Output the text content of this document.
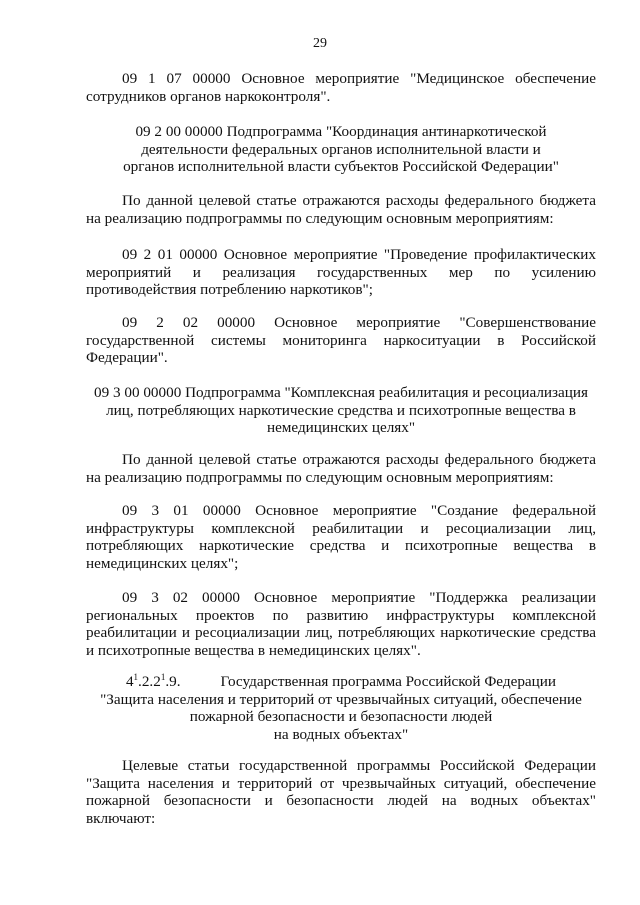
29
09 1 07 00000 Основное мероприятие "Медицинское обеспечение сотрудников органов наркоконтроля".
09 2 00 00000 Подпрограмма "Координация антинаркотической
деятельности федеральных органов исполнительной власти и
органов исполнительной власти субъектов Российской Федерации"
По данной целевой статье отражаются расходы федерального бюджета на реализацию подпрограммы по следующим основным мероприятиям:
09 2 01 00000 Основное мероприятие "Проведение профилактических мероприятий и реализация государственных мер по усилению противодействия потреблению наркотиков";
09 2 02 00000 Основное мероприятие "Совершенствование государственной системы мониторинга наркоситуации в Российской Федерации".
09 3 00 00000 Подпрограмма "Комплексная реабилитация и ресоциализация
лиц, потребляющих наркотические средства и психотропные вещества в
немедицинских целях"
По данной целевой статье отражаются расходы федерального бюджета на реализацию подпрограммы по следующим основным мероприятиям:
09 3 01 00000 Основное мероприятие "Создание федеральной инфраструктуры комплексной реабилитации и ресоциализации лиц, потребляющих наркотические средства и психотропные вещества в немедицинских целях";
09 3 02 00000 Основное мероприятие "Поддержка реализации региональных проектов по развитию инфраструктуры комплексной реабилитации и ресоциализации лиц, потребляющих наркотические средства и психотропные вещества в немедицинских целях".
$4^1.2.2^1.9$.	Государственная программа Российской Федерации
"Защита населения и территорий от чрезвычайных ситуаций, обеспечение
пожарной безопасности и безопасности людей
на водных объектах"
Целевые статьи государственной программы Российской Федерации "Защита населения и территорий от чрезвычайных ситуаций, обеспечение пожарной безопасности и безопасности людей на водных объектах" включают:
